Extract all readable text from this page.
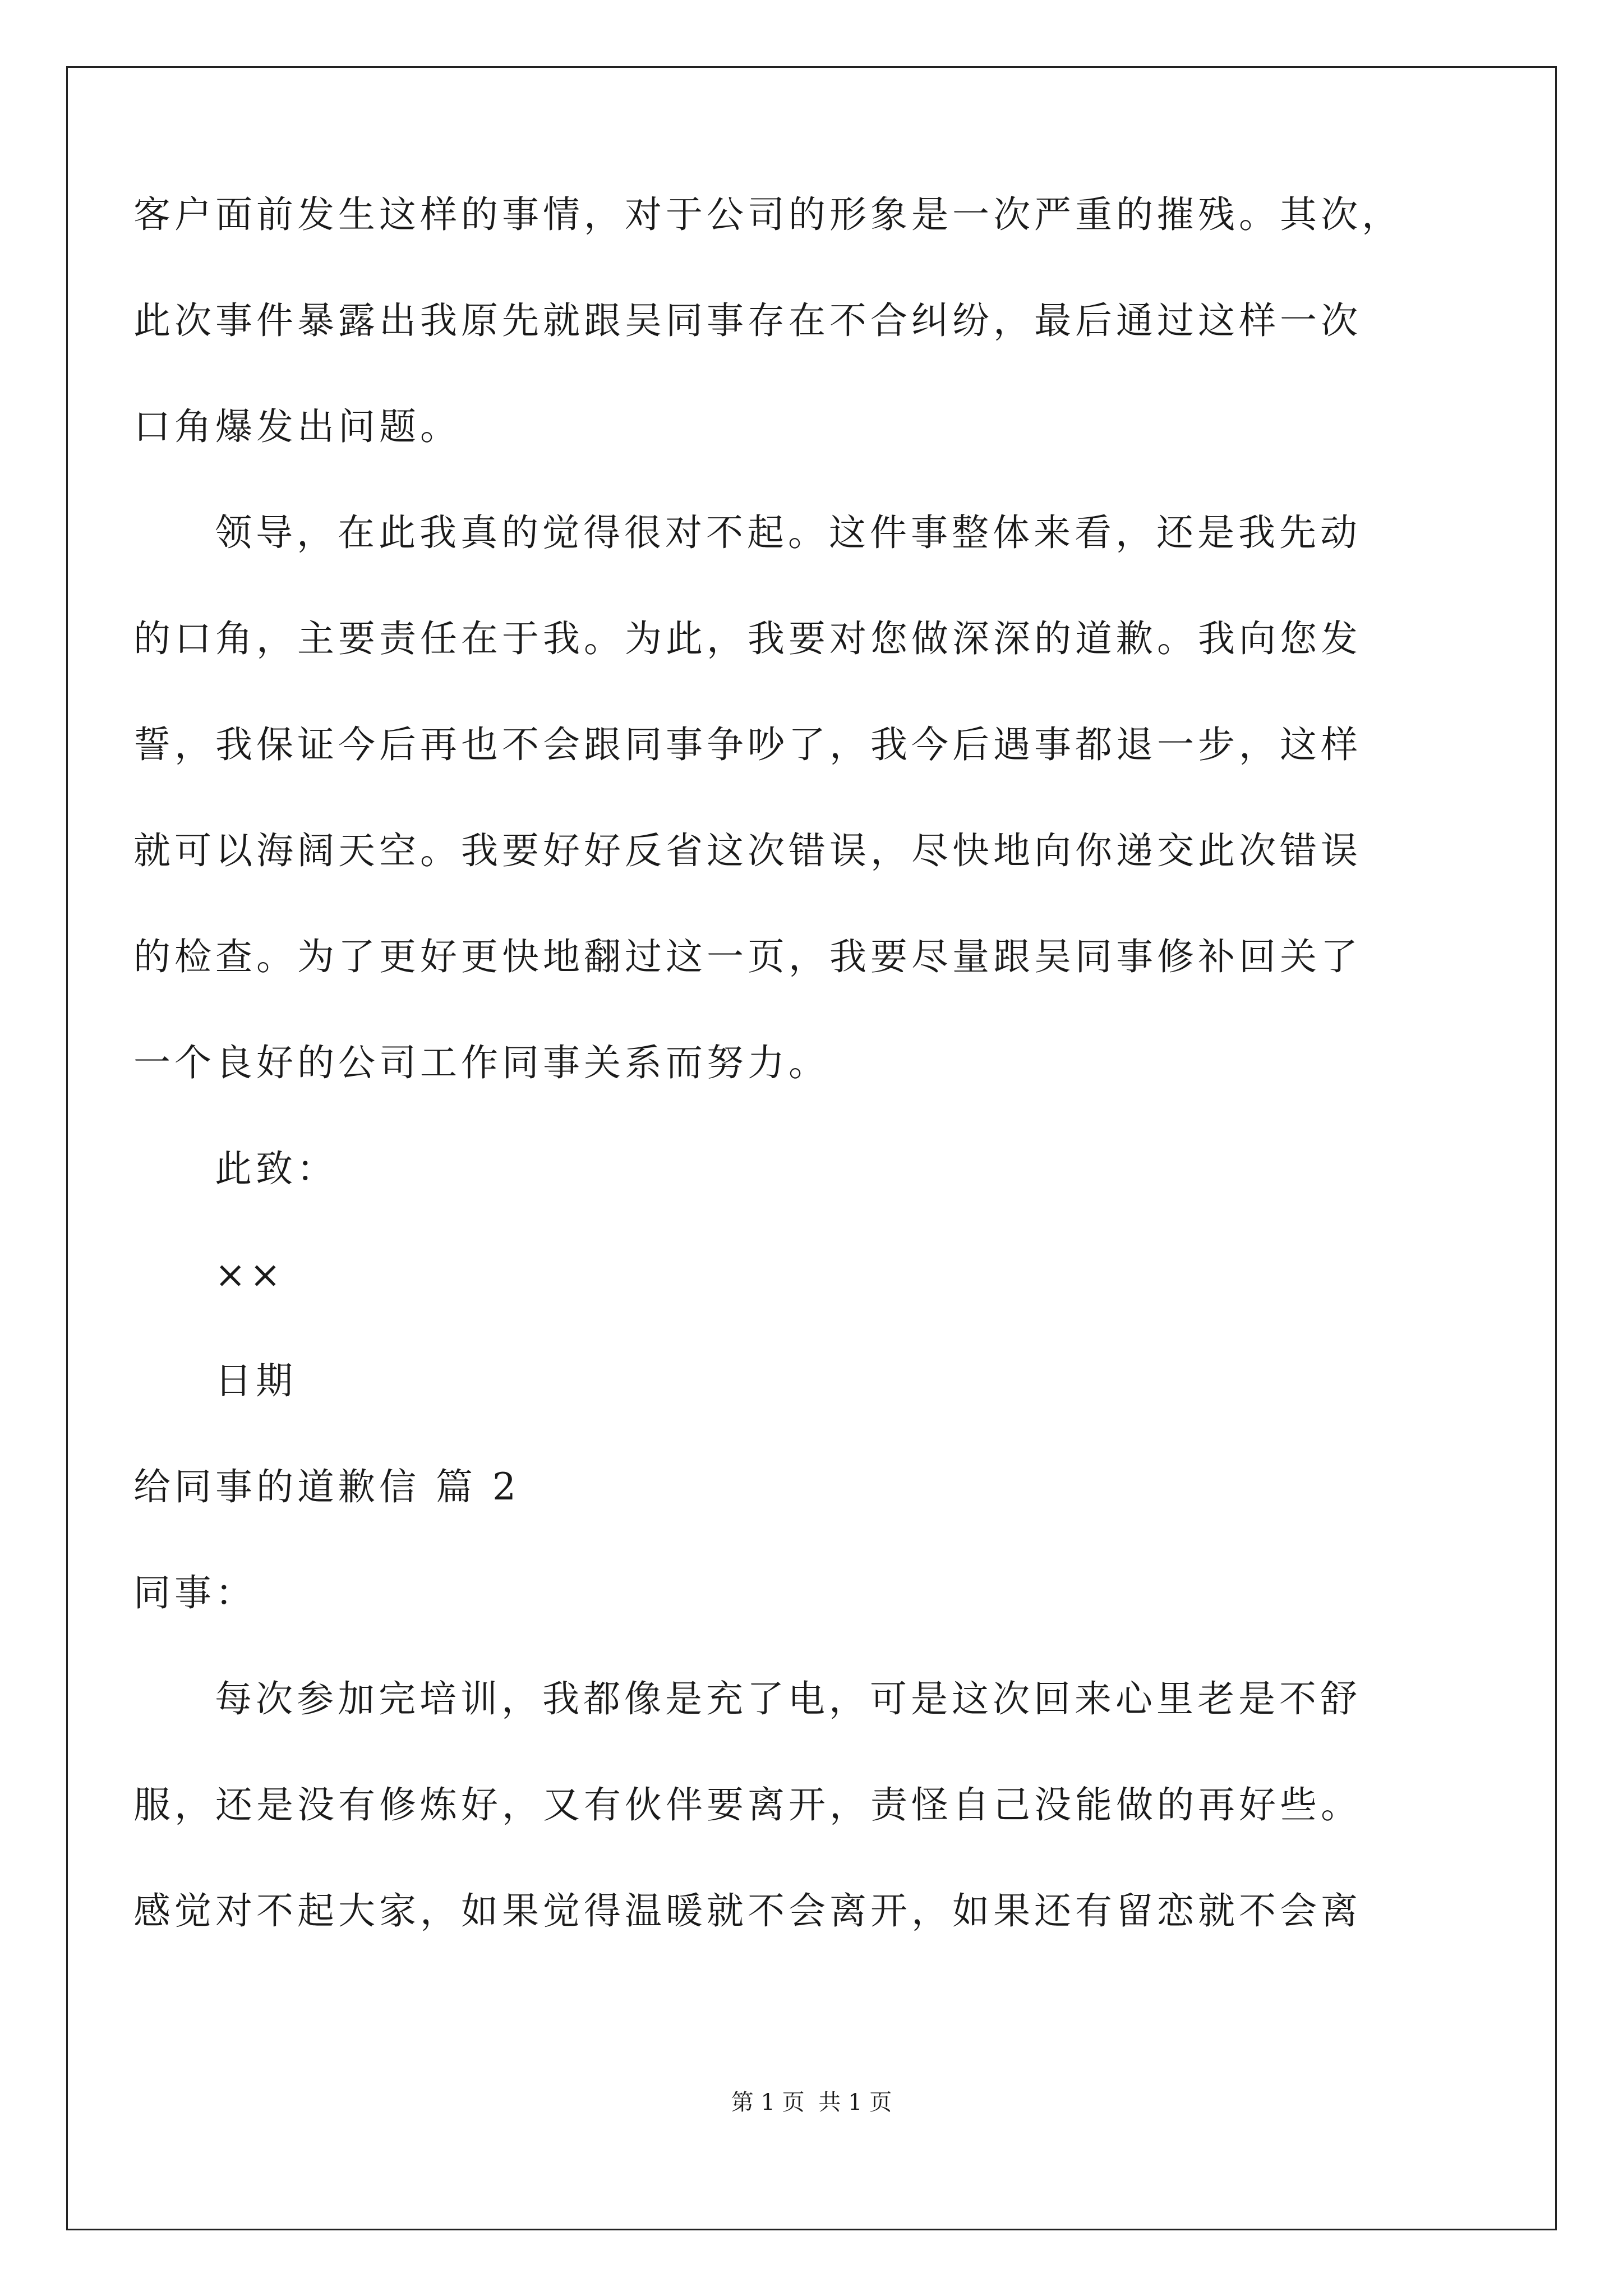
客户面前发生这样的事情，对于公司的形象是一次严重的摧残。其次，
此次事件暴露出我原先就跟吴同事存在不合纠纷，最后通过这样一次
口角爆发出问题。
领导，在此我真的觉得很对不起。这件事整体来看，还是我先动
的口角，主要责任在于我。为此，我要对您做深深的道歉。我向您发
誓，我保证今后再也不会跟同事争吵了，我今后遇事都退一步，这样
就可以海阔天空。我要好好反省这次错误，尽快地向你递交此次错误
的检查。为了更好更快地翻过这一页，我要尽量跟吴同事修补回关了
一个良好的公司工作同事关系而努力。
此致：
××
日期
给同事的道歉信 篇 2
同事：
每次参加完培训，我都像是充了电，可是这次回来心里老是不舒
服，还是没有修炼好，又有伙伴要离开，责怪自己没能做的再好些。
感觉对不起大家，如果觉得温暖就不会离开，如果还有留恋就不会离
第 1 页 共 1 页
